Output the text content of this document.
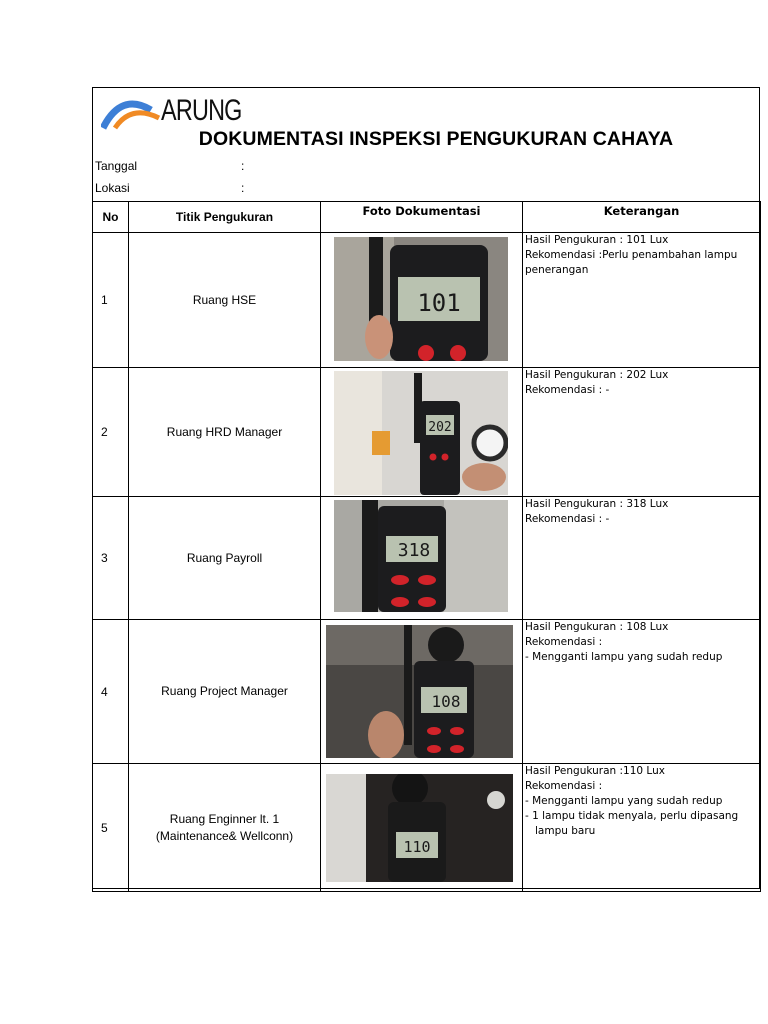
ARUNG
DOKUMENTASI INSPEKSI PENGUKURAN CAHAYA
Tanggal	:
Lokasi	:
No	Titik Pengukuran	Foto Dokumentasi	Keterangan
1	Ruang HSE	101	Hasil Pengukuran : 101 Lux
Rekomendasi :Perlu penambahan lampu
penerangan

2	Ruang HRD Manager	202	Hasil Pengukuran : 202 Lux
Rekomendasi : -

3	Ruang Payroll	318	Hasil Pengukuran : 318 Lux
Rekomendasi : -

4	Ruang Project Manager	108	Hasil Pengukuran : 108 Lux
Rekomendasi :
- Mengganti lampu yang sudah redup

5	Ruang Enginner lt. 1
(Maintenance& Wellconn)	110	Hasil Pengukuran :110 Lux
Rekomendasi :
- Mengganti lampu yang sudah redup
- 1 lampu tidak menyala, perlu dipasang
lampu baru
